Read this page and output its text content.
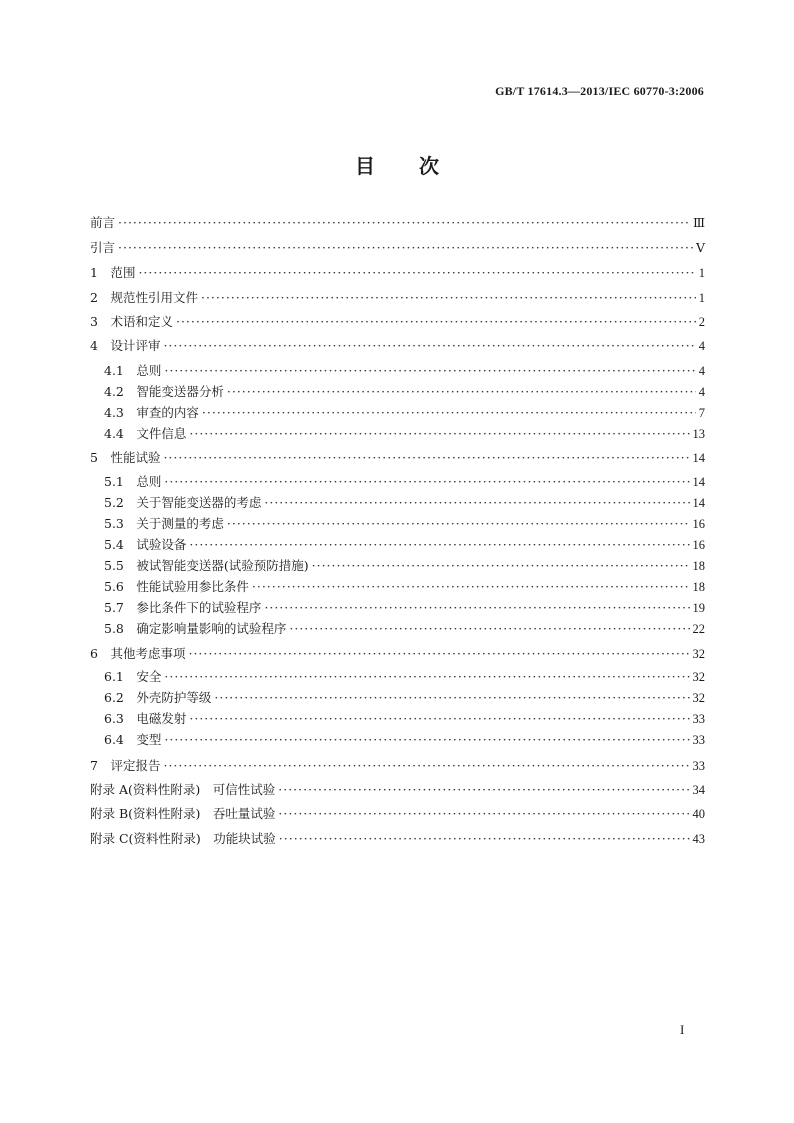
GB/T 17614.3—2013/IEC 60770-3:2006
目 次
前言 ·····	Ⅲ
引言 ·····	Ⅴ
1　范围 ·····	1
2　规范性引用文件 ·····	1
3　术语和定义 ·····	2
4　设计评审 ·····	4
4.1　总则 ·····	4
4.2　智能变送器分析 ·····	4
4.3　审查的内容 ·····	7
4.4　文件信息 ·····	13
5　性能试验 ·····	14
5.1　总则 ·····	14
5.2　关于智能变送器的考虑 ·····	14
5.3　关于测量的考虑 ·····	16
5.4　试验设备 ·····	16
5.5　被试智能变送器(试验预防措施) ·····	18
5.6　性能试验用参比条件 ·····	18
5.7　参比条件下的试验程序 ·····	19
5.8　确定影响量影响的试验程序 ·····	22
6　其他考虑事项 ·····	32
6.1　安全 ·····	32
6.2　外壳防护等级 ·····	32
6.3　电磁发射 ·····	33
6.4　变型 ·····	33
7　评定报告 ·····	33
附录 A(资料性附录)　可信性试验 ·····	34
附录 B(资料性附录)　吞吐量试验 ·····	40
附录 C(资料性附录)　功能块试验 ·····	43
I
